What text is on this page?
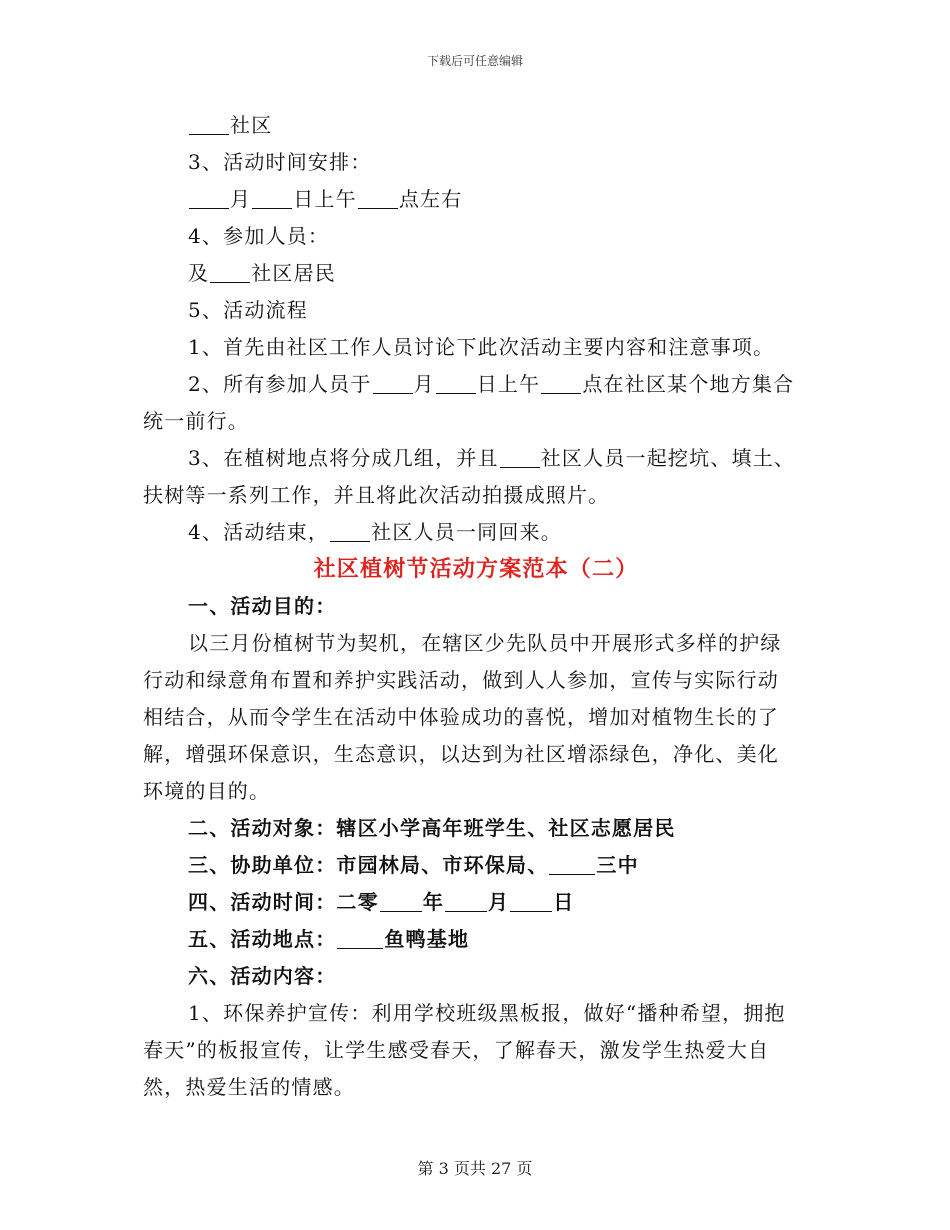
下载后可任意编辑
社区
3、活动时间安排：
月 日上午 点左右
4、参加人员：
及 社区居民
5、活动流程
1、首先由社区工作人员讨论下此次活动主要内容和注意事项。
2、所有参加人员于 月 日上午 点在社区某个地方集合
统一前行。
3、在植树地点将分成几组，并且 社区人员一起挖坑、填土、
扶树等一系列工作，并且将此次活动拍摄成照片。
4、活动结束， 社区人员一同回来。
社区植树节活动方案范本（二）
一、活动目的：
以三月份植树节为契机，在辖区少先队员中开展形式多样的护绿
行动和绿意角布置和养护实践活动，做到人人参加，宣传与实际行动
相结合，从而令学生在活动中体验成功的喜悦，增加对植物生长的了
解，增强环保意识，生态意识，以达到为社区增添绿色，净化、美化
环境的目的。
二、活动对象：辖区小学高年班学生、社区志愿居民
三、协助单位：市园林局、市环保局、 三中
四、活动时间：二零 年 月 日
五、活动地点： 鱼鸭基地
六、活动内容：
1、环保养护宣传：利用学校班级黑板报，做好“播种希望，拥抱
春天”的板报宣传，让学生感受春天，了解春天，激发学生热爱大自
然，热爱生活的情感。
第 3 页共 27 页
